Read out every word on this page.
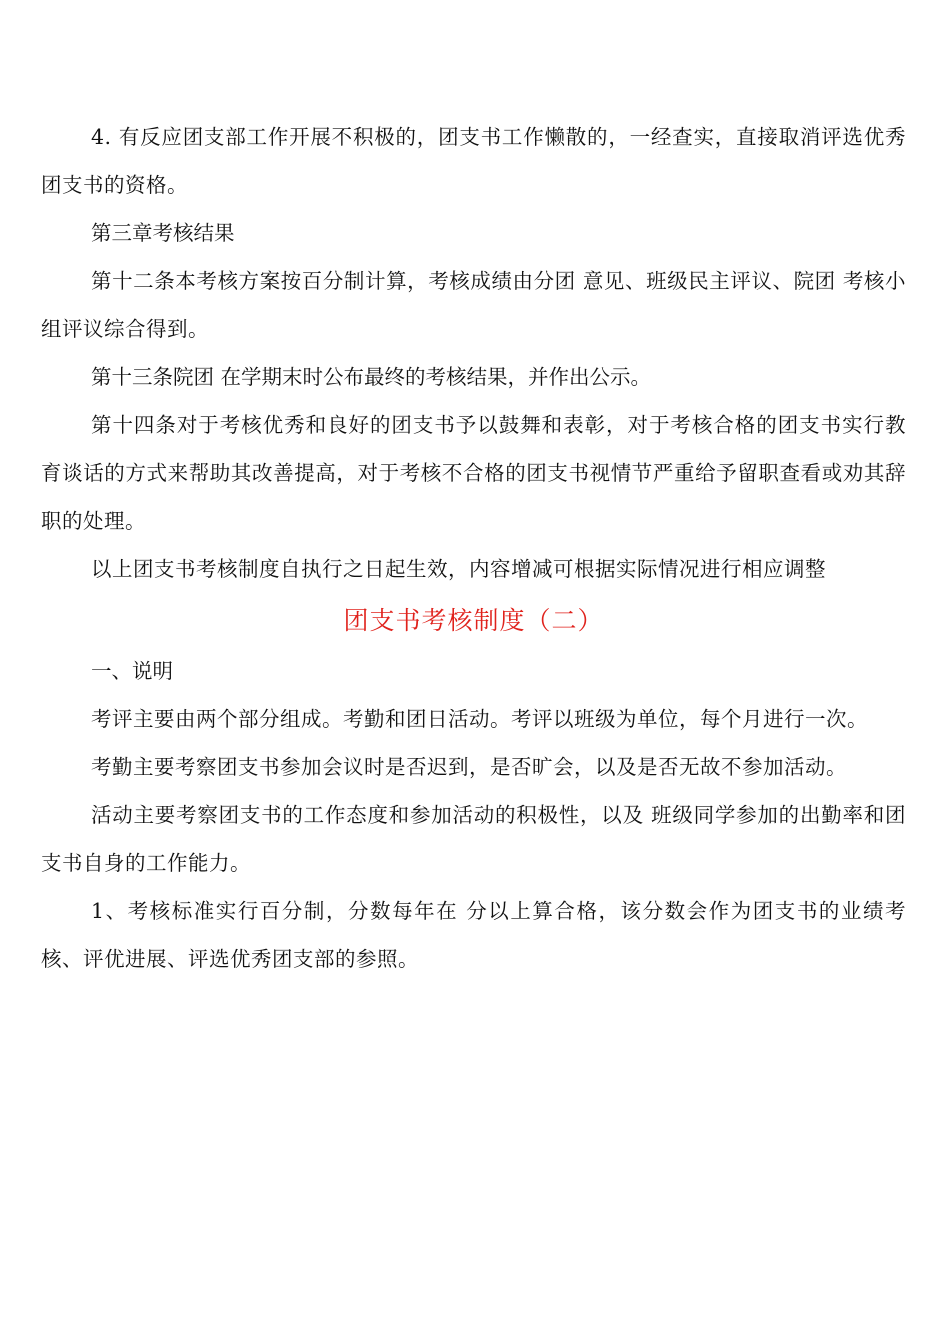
4. 有反应团支部工作开展不积极的，团支书工作懒散的，一经查实，直接取消评选优秀团支书的资格。

第三章考核结果

第十二条本考核方案按百分制计算，考核成绩由分团 意见、班级民主评议、院团 考核小组评议综合得到。

第十三条院团 在学期末时公布最终的考核结果，并作出公示。

第十四条对于考核优秀和良好的团支书予以鼓舞和表彰，对于考核合格的团支书实行教育谈话的方式来帮助其改善提高，对于考核不合格的团支书视情节严重给予留职查看或劝其辞职的处理。

以上团支书考核制度自执行之日起生效，内容增减可根据实际情况进行相应调整

团支书考核制度（二）

一、说明

考评主要由两个部分组成。考勤和团日活动。考评以班级为单位，每个月进行一次。

考勤主要考察团支书参加会议时是否迟到，是否旷会，以及是否无故不参加活动。

活动主要考察团支书的工作态度和参加活动的积极性，以及 班级同学参加的出勤率和团支书自身的工作能力。

1、考核标准实行百分制，分数每年在 分以上算合格，该分数会作为团支书的业绩考核、评优进展、评选优秀团支部的参照。
